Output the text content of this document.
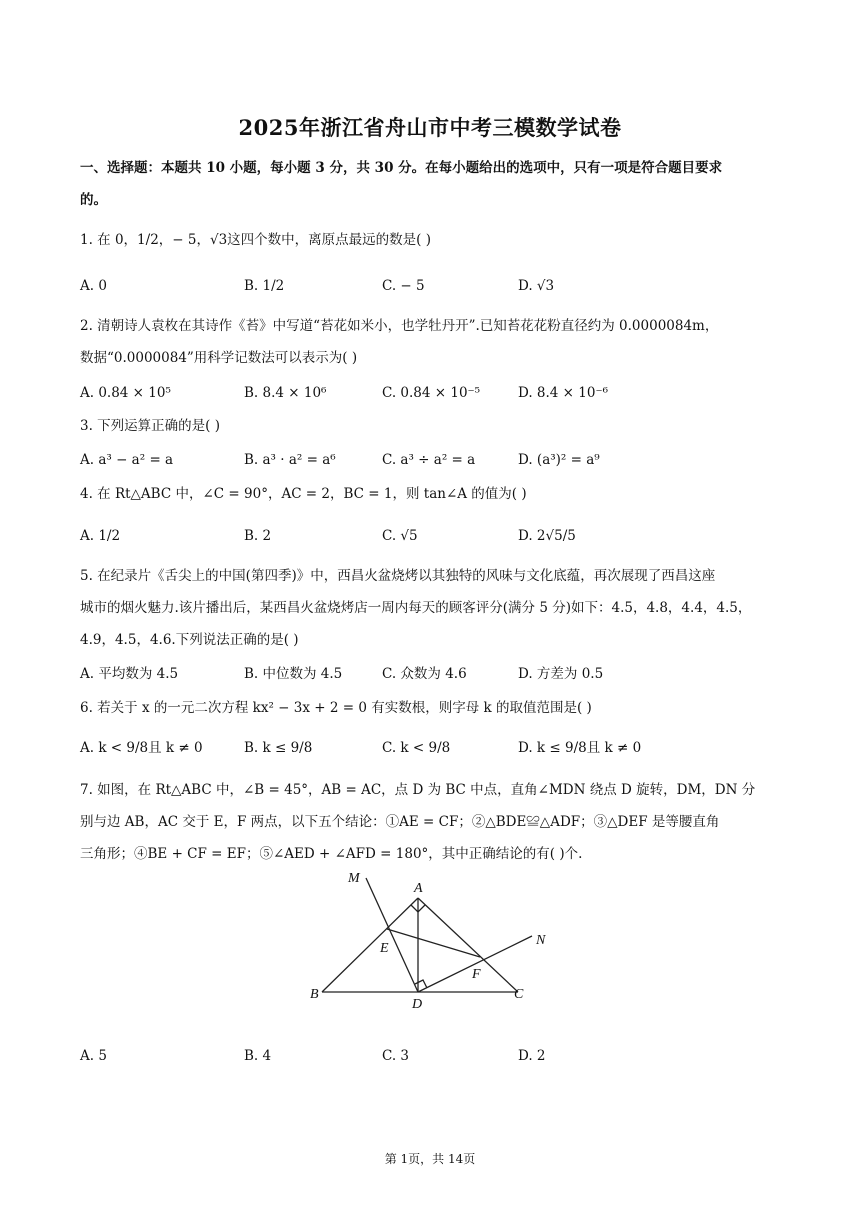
2025年浙江省舟山市中考三模数学试卷
一、选择题：本题共 10 小题，每小题 3 分，共 30 分。在每小题给出的选项中，只有一项是符合题目要求
的。
1. 在 0，1/2，− 5，√3这四个数中，离原点最远的数是( )
A. 0	B. 1/2	C. − 5	D. √3
2. 清朝诗人袁枚在其诗作《苔》中写道“苔花如米小，也学牡丹开”.已知苔花花粉直径约为 0.0000084m，
数据“0.0000084”用科学记数法可以表示为( )
A. 0.84 × 10⁵	B. 8.4 × 10⁶	C. 0.84 × 10⁻⁵	D. 8.4 × 10⁻⁶
3. 下列运算正确的是( )
A. a³ − a² = a	B. a³ · a² = a⁶	C. a³ ÷ a² = a	D. (a³)² = a⁹
4. 在 Rt△ABC 中，∠C = 90°，AC = 2，BC = 1，则 tan∠A 的值为( )
A. 1/2	B. 2	C. √5	D. 2√5/5
5. 在纪录片《舌尖上的中国(第四季)》中，西昌火盆烧烤以其独特的风味与文化底蕴，再次展现了西昌这座
城市的烟火魅力.该片播出后，某西昌火盆烧烤店一周内每天的顾客评分(满分 5 分)如下：4.5，4.8，4.4，4.5，
4.9，4.5，4.6.下列说法正确的是( )
A. 平均数为 4.5	B. 中位数为 4.5	C. 众数为 4.6	D. 方差为 0.5
6. 若关于 x 的一元二次方程 kx² − 3x + 2 = 0 有实数根，则字母 k 的取值范围是( )
A. k < 9/8且 k ≠ 0	B. k ≤ 9/8	C. k < 9/8	D. k ≤ 9/8且 k ≠ 0
7. 如图，在 Rt△ABC 中，∠B = 45°，AB = AC，点 D 为 BC 中点，直角∠MDN 绕点 D 旋转，DM，DN 分
别与边 AB，AC 交于 E，F 两点，以下五个结论：①AE = CF；②△BDE≌△ADF；③△DEF 是等腰直角
三角形；④BE + CF = EF；⑤∠AED + ∠AFD = 180°，其中正确结论的有( )个.
M
A
N
E
F
B
D
C
A. 5	B. 4	C. 3	D. 2
第 1页，共 14页
